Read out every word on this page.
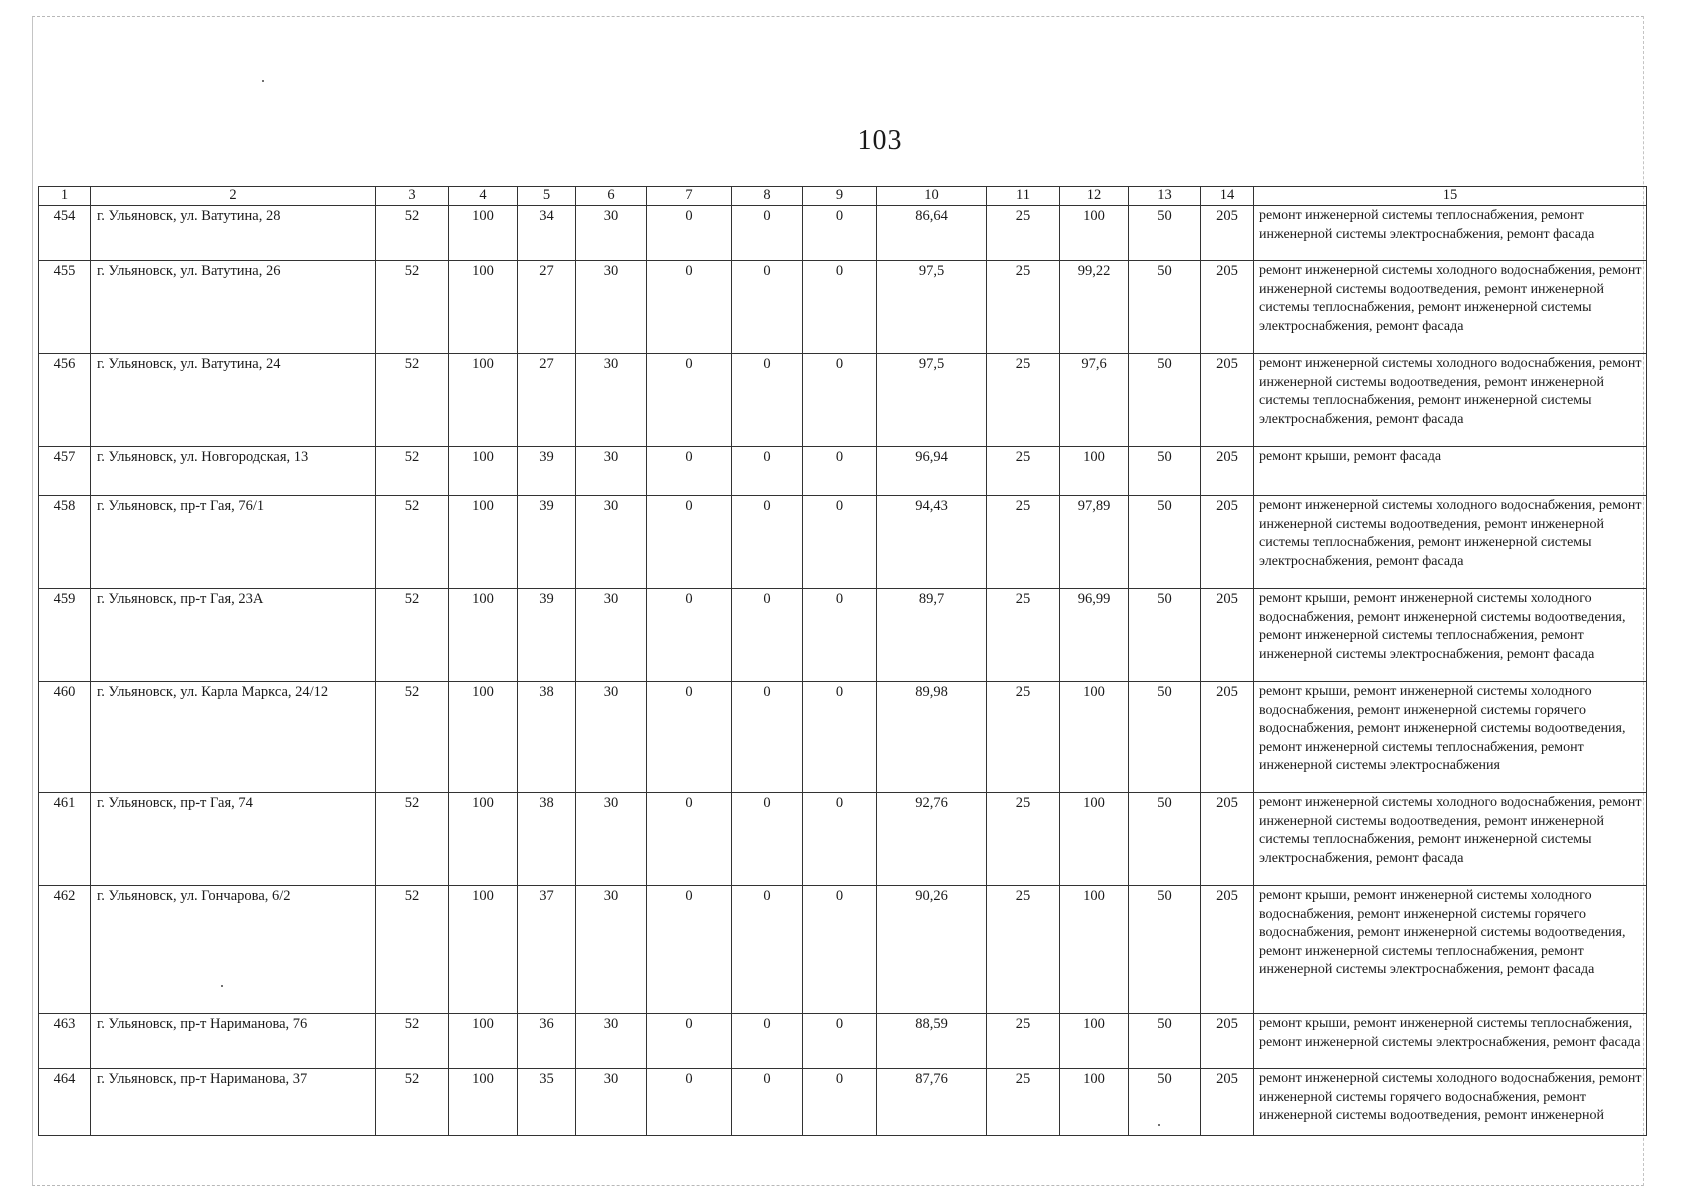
103
1	2	3	4	5	6	7	8	9	10	11	12	13	14	15
454	г. Ульяновск, ул. Ватутина, 28	52	100	34	30	0	0	0	86,64	25	100	50	205	ремонт инженерной системы теплоснабжения, ремонт инженерной системы электроснабжения, ремонт фасада
455	г. Ульяновск, ул. Ватутина, 26	52	100	27	30	0	0	0	97,5	25	99,22	50	205	ремонт инженерной системы холодного водоснабжения, ремонт инженерной системы водоотведения, ремонт инженерной системы теплоснабжения, ремонт инженерной системы электроснабжения, ремонт фасада
456	г. Ульяновск, ул. Ватутина, 24	52	100	27	30	0	0	0	97,5	25	97,6	50	205	ремонт инженерной системы холодного водоснабжения, ремонт инженерной системы водоотведения, ремонт инженерной системы теплоснабжения, ремонт инженерной системы электроснабжения, ремонт фасада
457	г. Ульяновск, ул. Новгородская, 13	52	100	39	30	0	0	0	96,94	25	100	50	205	ремонт крыши, ремонт фасада
458	г. Ульяновск, пр-т Гая, 76/1	52	100	39	30	0	0	0	94,43	25	97,89	50	205	ремонт инженерной системы холодного водоснабжения, ремонт инженерной системы водоотведения, ремонт инженерной системы теплоснабжения, ремонт инженерной системы электроснабжения, ремонт фасада
459	г. Ульяновск, пр-т Гая, 23А	52	100	39	30	0	0	0	89,7	25	96,99	50	205	ремонт крыши, ремонт инженерной системы холодного водоснабжения, ремонт инженерной системы водоотведения, ремонт инженерной системы теплоснабжения, ремонт инженерной системы электроснабжения, ремонт фасада
460	г. Ульяновск, ул. Карла Маркса, 24/12	52	100	38	30	0	0	0	89,98	25	100	50	205	ремонт крыши, ремонт инженерной системы холодного водоснабжения, ремонт инженерной системы горячего водоснабжения, ремонт инженерной системы водоотведения, ремонт инженерной системы теплоснабжения, ремонт инженерной системы электроснабжения
461	г. Ульяновск, пр-т Гая, 74	52	100	38	30	0	0	0	92,76	25	100	50	205	ремонт инженерной системы холодного водоснабжения, ремонт инженерной системы водоотведения, ремонт инженерной системы теплоснабжения, ремонт инженерной системы электроснабжения, ремонт фасада
462	г. Ульяновск, ул. Гончарова, 6/2	52	100	37	30	0	0	0	90,26	25	100	50	205	ремонт крыши, ремонт инженерной системы холодного водоснабжения, ремонт инженерной системы горячего водоснабжения, ремонт инженерной системы водоотведения, ремонт инженерной системы теплоснабжения, ремонт инженерной системы электроснабжения, ремонт фасада
463	г. Ульяновск, пр-т Нариманова, 76	52	100	36	30	0	0	0	88,59	25	100	50	205	ремонт крыши, ремонт инженерной системы теплоснабжения, ремонт инженерной системы электроснабжения, ремонт фасада
464	г. Ульяновск, пр-т Нариманова, 37	52	100	35	30	0	0	0	87,76	25	100	50	205	ремонт инженерной системы холодного водоснабжения, ремонт инженерной системы горячего водоснабжения, ремонт инженерной системы водоотведения, ремонт инженерной
